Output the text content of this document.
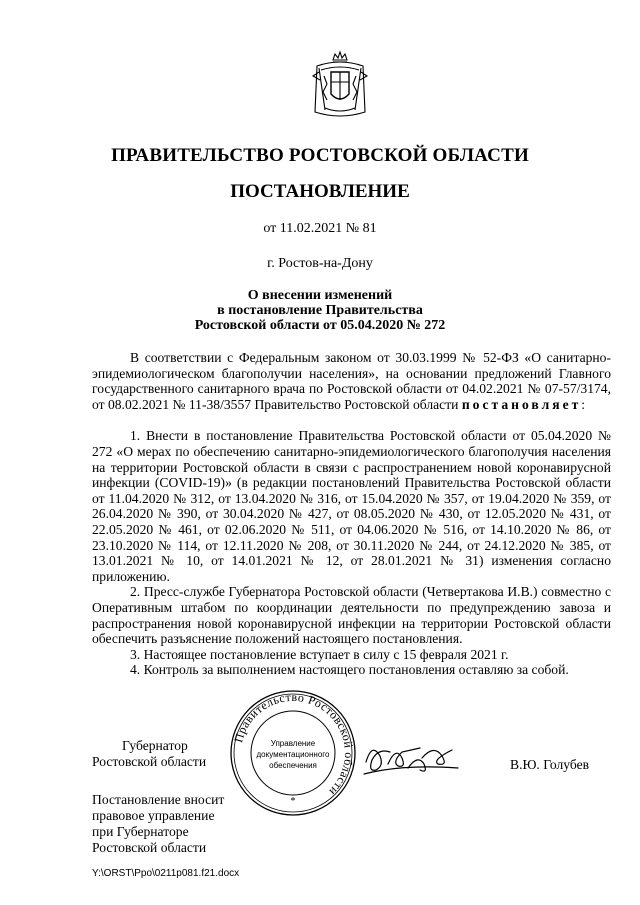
ПРАВИТЕЛЬСТВО РОСТОВСКОЙ ОБЛАСТИ
ПОСТАНОВЛЕНИЕ
от 11.02.2021 № 81
г. Ростов-на-Дону
О внесении изменений
в постановление Правительства
Ростовской области от 05.04.2020 № 272

В соответствии с Федеральным законом от 30.03.1999 № 52-ФЗ «О санитарно-эпидемиологическом благополучии населения», на основании предложений Главного государственного санитарного врача по Ростовской области от 04.02.2021 № 07-57/3174, от 08.02.2021 № 11-38/3557 Правительство Ростовской области постановляет:

1. Внести в постановление Правительства Ростовской области от 05.04.2020 № 272 «О мерах по обеспечению санитарно-эпидемиологического благополучия населения на территории Ростовской области в связи с распространением новой коронавирусной инфекции (COVID-19)» (в редакции постановлений Правительства Ростовской области от 11.04.2020 № 312, от 13.04.2020 № 316, от 15.04.2020 № 357, от 19.04.2020 № 359, от 26.04.2020 № 390, от 30.04.2020 № 427, от 08.05.2020 № 430, от 12.05.2020 № 431, от 22.05.2020 № 461, от 02.06.2020 № 511, от 04.06.2020 № 516, от 14.10.2020 № 86, от 23.10.2020 № 114, от 12.11.2020 № 208, от 30.11.2020 № 244, от 24.12.2020 № 385, от 13.01.2021 № 10, от 14.01.2021 № 12, от 28.01.2021 № 31) изменения согласно приложению.

2. Пресс-службе Губернатора Ростовской области (Четвертакова И.В.) совместно с Оперативным штабом по координации деятельности по предупреждению завоза и распространения новой коронавирусной инфекции на территории Ростовской области обеспечить разъяснение положений настоящего постановления.

3. Настоящее постановление вступает в силу с 15 февраля 2021 г.

4. Контроль за выполнением настоящего постановления оставляю за собой.

Правительство Ростовской области
Управление
документационного
обеспечения
*
Губернатор
Ростовской области	В.Ю. Голубев
Постановление вносит
правовое управление
при Губернаторе
Ростовской области
Y:\ORST\Ppo\0211p081.f21.docx
